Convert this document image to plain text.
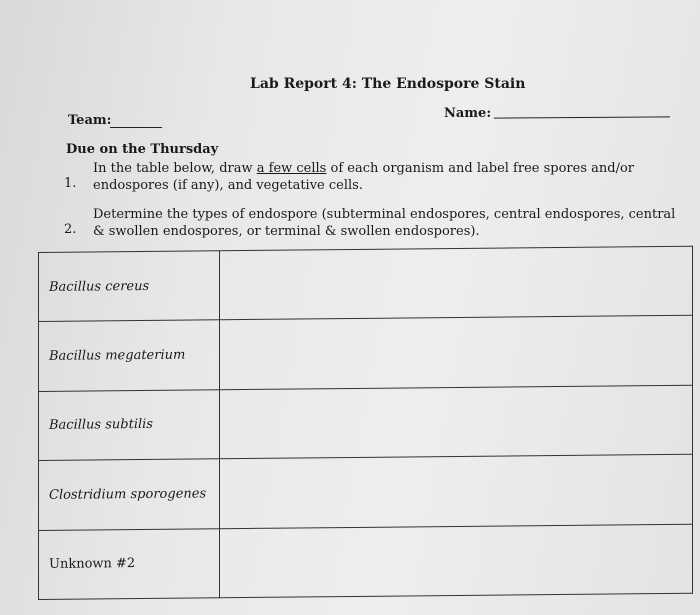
Lab Report 4: The Endospore Stain
Team:	Name:
Due on the Thursday
1.
In the table below, draw a few cells of each organism and label free spores and/or endospores (if any), and vegetative cells.
2.
Determine the types of endospore (subterminal endospores, central endospores, central & swollen endospores, or terminal & swollen endospores).
Bacillus cereus	
Bacillus megaterium	
Bacillus subtilis	
Clostridium sporogenes	
Unknown #2	
